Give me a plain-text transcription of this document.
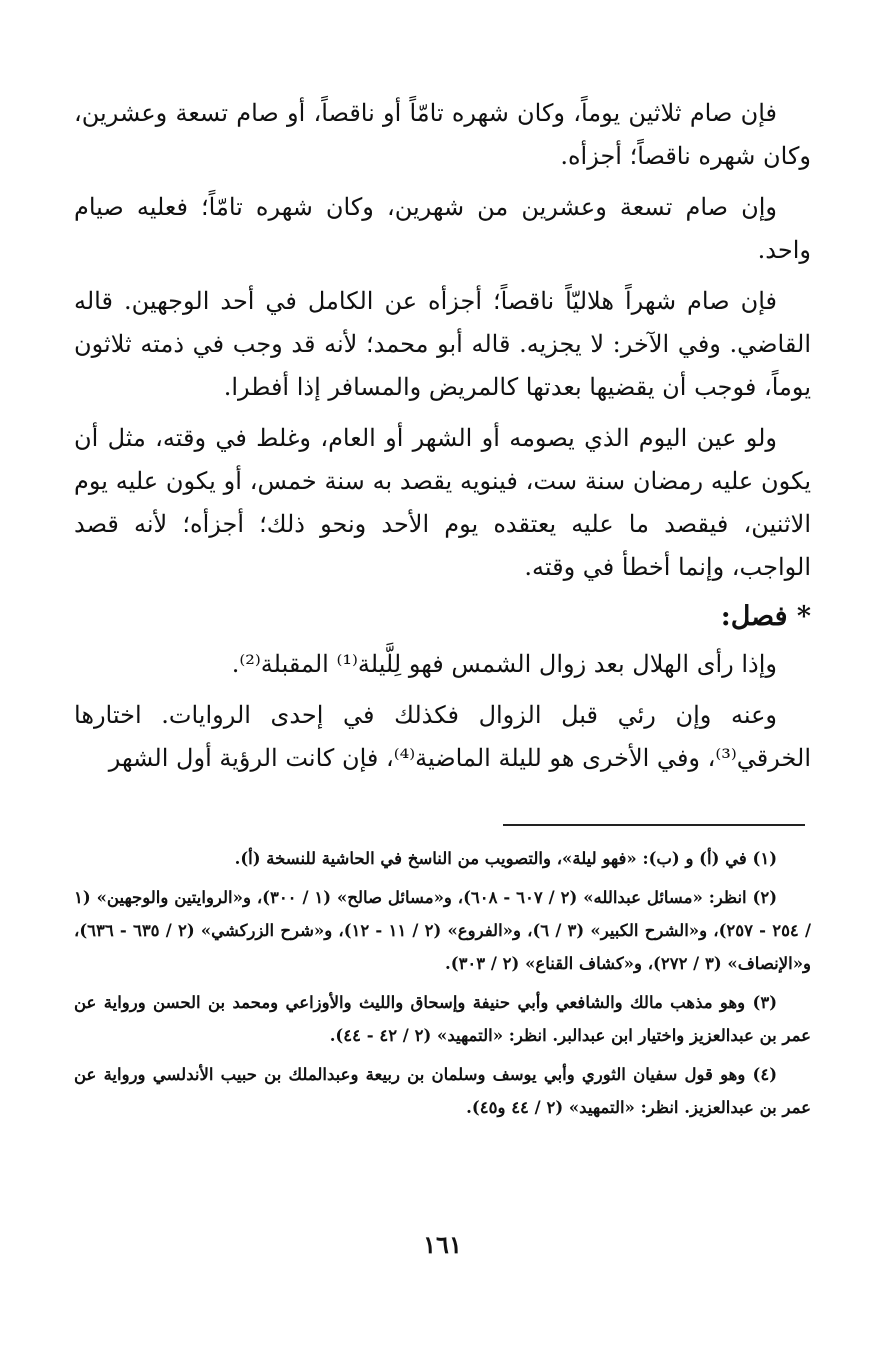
فإن صام ثلاثين يوماً، وكان شهره تامّاً أو ناقصاً، أو صام تسعة وعشرين، وكان شهره ناقصاً؛ أجزأه.

وإن صام تسعة وعشرين من شهرين، وكان شهره تامّاً؛ فعليه صيام واحد.

فإن صام شهراً هلاليّاً ناقصاً؛ أجزأه عن الكامل في أحد الوجهين. قاله القاضي. وفي الآخر: لا يجزيه. قاله أبو محمد؛ لأنه قد وجب في ذمته ثلاثون يوماً، فوجب أن يقضيها بعدتها كالمريض والمسافر إذا أفطرا.

ولو عين اليوم الذي يصومه أو الشهر أو العام، وغلط في وقته، مثل أن يكون عليه رمضان سنة ست، فينويه يقصد به سنة خمس، أو يكون عليه يوم الاثنين، فيقصد ما عليه يعتقده يوم الأحد ونحو ذلك؛ أجزأه؛ لأنه قصد الواجب، وإنما أخطأ في وقته.

* فصل:

وإذا رأى الهلال بعد زوال الشمس فهو لِلَّيلة⁽¹⁾ المقبلة⁽²⁾.

وعنه وإن رئي قبل الزوال فكذلك في إحدى الروايات. اختارها الخرقي⁽³⁾، وفي الأخرى هو لليلة الماضية⁽⁴⁾، فإن كانت الرؤية أول الشهر

(١) في (أ) و (ب): «فهو ليلة»، والتصويب من الناسخ في الحاشية للنسخة (أ).

(٢) انظر: «مسائل عبدالله» (٢ / ٦٠٧ - ٦٠٨)، و«مسائل صالح» (١ / ٣٠٠)، و«الروايتين والوجهين» (١ / ٢٥٤ - ٢٥٧)، و«الشرح الكبير» (٣ / ٦)، و«الفروع» (٢ / ١١ - ١٢)، و«شرح الزركشي» (٢ / ٦٣٥ - ٦٣٦)، و«الإنصاف» (٣ / ٢٧٢)، و«كشاف القناع» (٢ / ٣٠٣).

(٣) وهو مذهب مالك والشافعي وأبي حنيفة وإسحاق والليث والأوزاعي ومحمد بن الحسن ورواية عن عمر بن عبدالعزيز واختيار ابن عبدالبر. انظر: «التمهيد» (٢ / ٤٢ - ٤٤).

(٤) وهو قول سفيان الثوري وأبي يوسف وسلمان بن ربيعة وعبدالملك بن حبيب الأندلسي ورواية عن عمر بن عبدالعزيز. انظر: «التمهيد» (٢ / ٤٤ و٤٥).

١٦١
